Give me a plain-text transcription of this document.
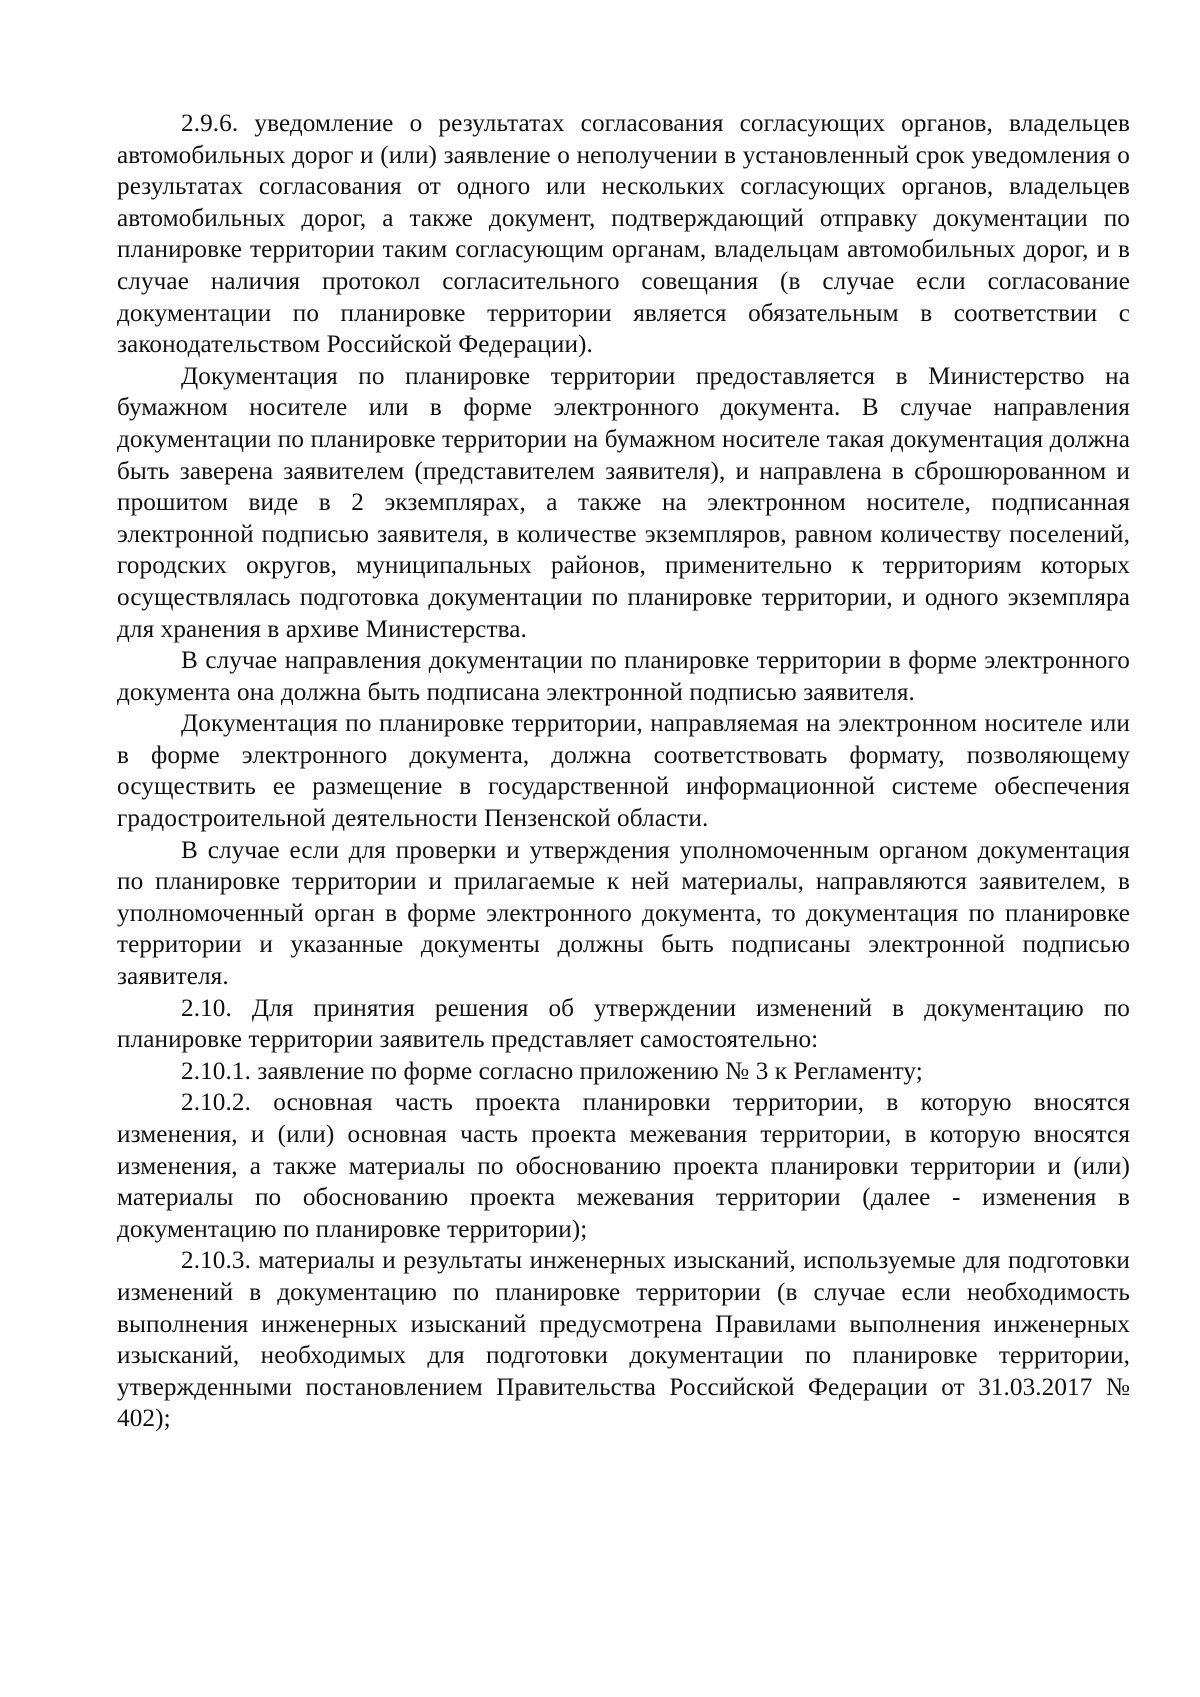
2.9.6. уведомление о результатах согласования согласующих органов, владельцев автомобильных дорог и (или) заявление о неполучении в установленный срок уведомления о результатах согласования от одного или нескольких согласующих органов, владельцев автомобильных дорог, а также документ, подтверждающий отправку документации по планировке территории таким согласующим органам, владельцам автомобильных дорог, и в случае наличия протокол согласительного совещания (в случае если согласование документации по планировке территории является обязательным в соответствии с законодательством Российской Федерации).

Документация по планировке территории предоставляется в Министерство на бумажном носителе или в форме электронного документа. В случае направления документации по планировке территории на бумажном носителе такая документация должна быть заверена заявителем (представителем заявителя), и направлена в сброшюрованном и прошитом виде в 2 экземплярах, а также на электронном носителе, подписанная электронной подписью заявителя, в количестве экземпляров, равном количеству поселений, городских округов, муниципальных районов, применительно к территориям которых осуществлялась подготовка документации по планировке территории, и одного экземпляра для хранения в архиве Министерства.

В случае направления документации по планировке территории в форме электронного документа она должна быть подписана электронной подписью заявителя.

Документация по планировке территории, направляемая на электронном носителе или в форме электронного документа, должна соответствовать формату, позволяющему осуществить ее размещение в государственной информационной системе обеспечения градостроительной деятельности Пензенской области.

В случае если для проверки и утверждения уполномоченным органом документация по планировке территории и прилагаемые к ней материалы, направляются заявителем, в уполномоченный орган в форме электронного документа, то документация по планировке территории и указанные документы должны быть подписаны электронной подписью заявителя.

2.10. Для принятия решения об утверждении изменений в документацию по планировке территории заявитель представляет самостоятельно:

2.10.1. заявление по форме согласно приложению № 3 к Регламенту;

2.10.2. основная часть проекта планировки территории, в которую вносятся изменения, и (или) основная часть проекта межевания территории, в которую вносятся изменения, а также материалы по обоснованию проекта планировки территории и (или) материалы по обоснованию проекта межевания территории (далее - изменения в документацию по планировке территории);

2.10.3. материалы и результаты инженерных изысканий, используемые для подготовки изменений в документацию по планировке территории (в случае если необходимость выполнения инженерных изысканий предусмотрена Правилами выполнения инженерных изысканий, необходимых для подготовки документации по планировке территории, утвержденными постановлением Правительства Российской Федерации от 31.03.2017 № 402);
